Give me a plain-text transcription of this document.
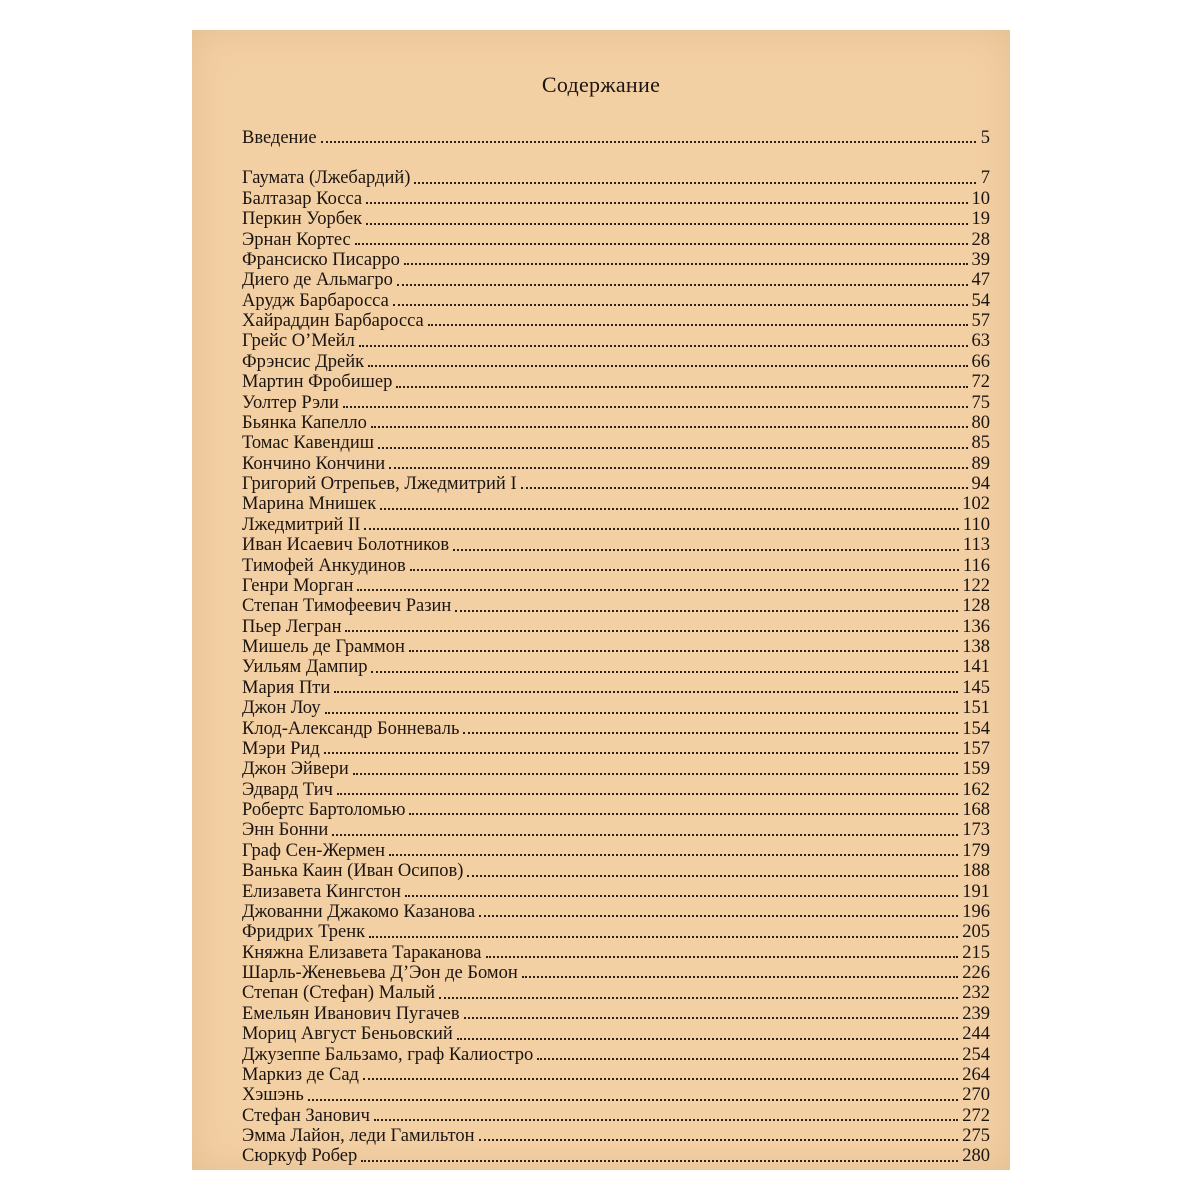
Содержание
Введение	5
Гаумата (Лжебардий)	7
Балтазар Косса	10
Перкин Уорбек	19
Эрнан Кортес	28
Франсиско Писарро	39
Диего де Альмагро	47
Арудж Барбаросса	54
Хайраддин Барбаросса	57
Грейс О’Мейл	63
Фрэнсис Дрейк	66
Мартин Фробишер	72
Уолтер Рэли	75
Бьянка Капелло	80
Томас Кавендиш	85
Кончино Кончини	89
Григорий Отрепьев, Лжедмитрий I	94
Марина Мнишек	102
Лжедмитрий II	110
Иван Исаевич Болотников	113
Тимофей Анкудинов	116
Генри Морган	122
Степан Тимофеевич Разин	128
Пьер Легран	136
Мишель де Граммон	138
Уильям Дампир	141
Мария Пти	145
Джон Лоу	151
Клод-Александр Бонневаль	154
Мэри Рид	157
Джон Эйвери	159
Эдвард Тич	162
Робертс Бартоломью	168
Энн Бонни	173
Граф Сен-Жермен	179
Ванька Каин (Иван Осипов)	188
Елизавета Кингстон	191
Джованни Джакомо Казанова	196
Фридрих Тренк	205
Княжна Елизавета Тараканова	215
Шарль-Женевьева Д’Эон де Бомон	226
Степан (Стефан) Малый	232
Емельян Иванович Пугачев	239
Мориц Август Беньовский	244
Джузеппе Бальзамо, граф Калиостро	254
Маркиз де Сад	264
Хэшэнь	270
Стефан Занович	272
Эмма Лайон, леди Гамильтон	275
Сюркуф Робер	280
